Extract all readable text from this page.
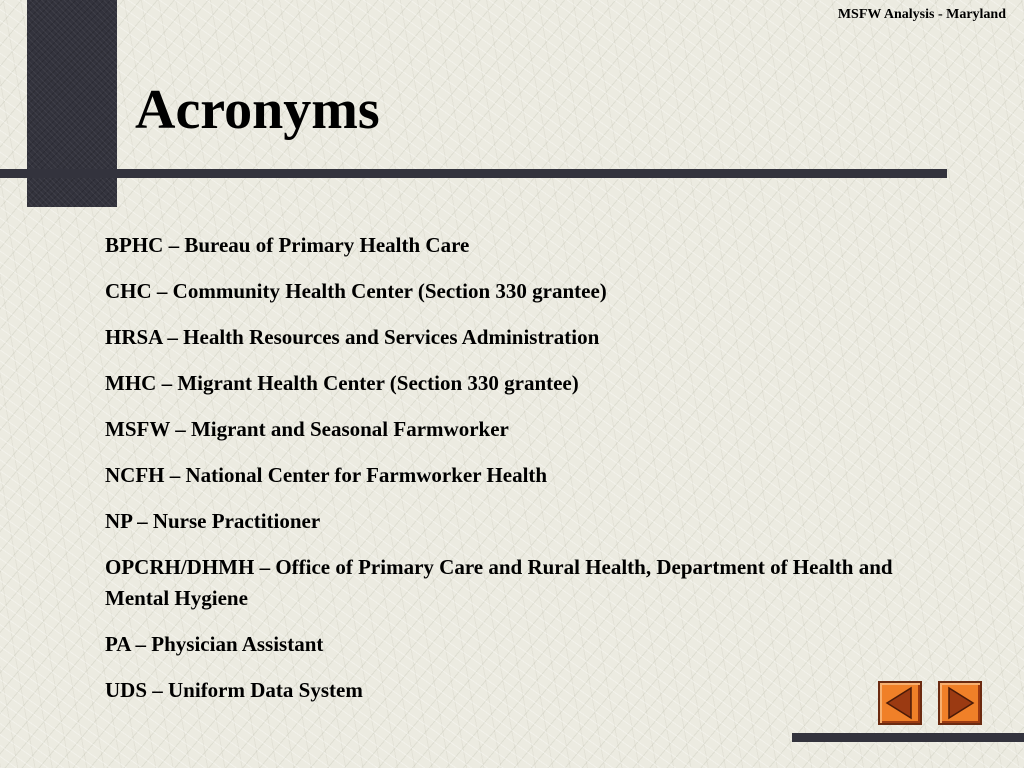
MSFW Analysis - Maryland
Acronyms
BPHC – Bureau of Primary Health Care
CHC – Community Health Center (Section 330 grantee)
HRSA – Health Resources and Services Administration
MHC – Migrant Health Center (Section 330 grantee)
MSFW – Migrant and Seasonal Farmworker
NCFH – National Center for Farmworker Health
NP – Nurse Practitioner
OPCRH/DHMH – Office of Primary Care and Rural Health, Department of Health and Mental Hygiene
PA – Physician Assistant
UDS – Uniform Data System
